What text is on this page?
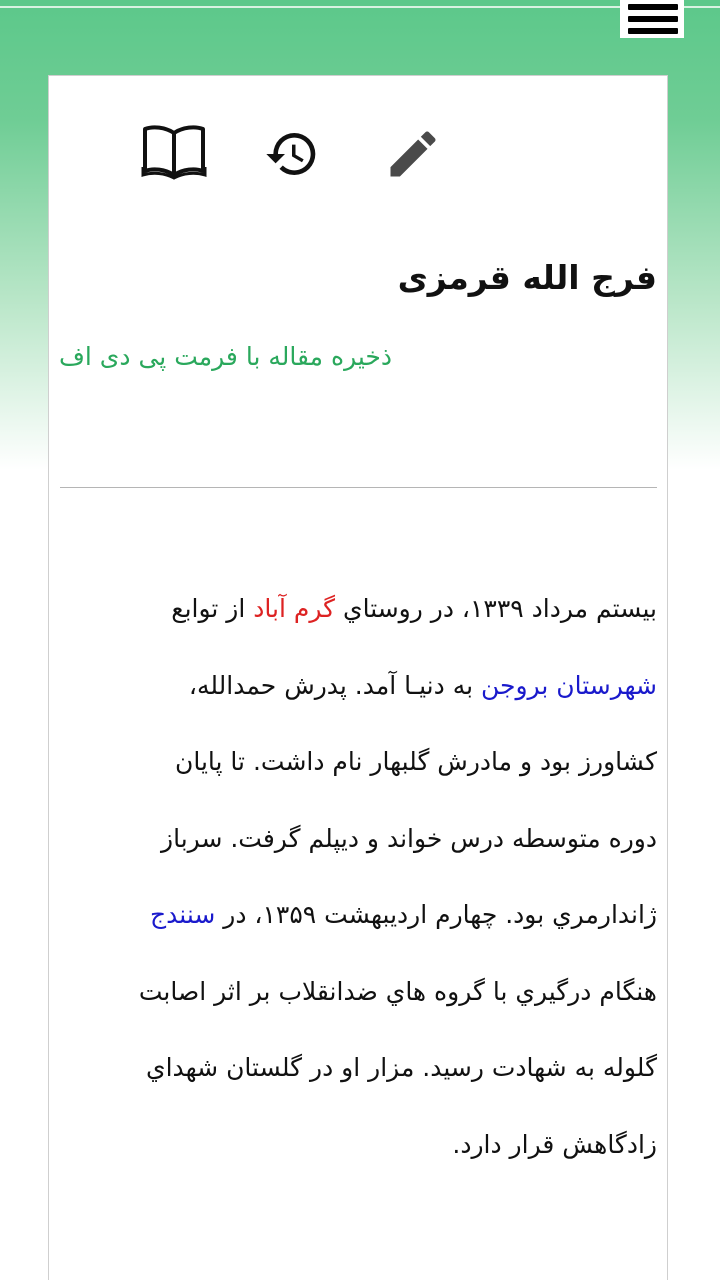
فرج الله قرمزی
ذخیره مقاله با فرمت پی دی اف
بیستم مرداد ۱۳۳۹، در روستاي گرم آباد از توابع
شهرستان بروجن به دنیـا آمد. پدرش حمدالله،
کشاورز بود و مادرش گلبهار نام داشت. تا پایان
دوره متوسطه درس خواند و دیپلم گرفت. سرباز
ژاندارمري بود. چهارم اردیبهشت ۱۳۵۹، در سنندج
هنگام درگیري با گروه هاي ضدانقلاب بر اثر اصابت
گلوله به شهادت رسید. مزار او در گلستان شهداي
زادگاهش قرار دارد.
